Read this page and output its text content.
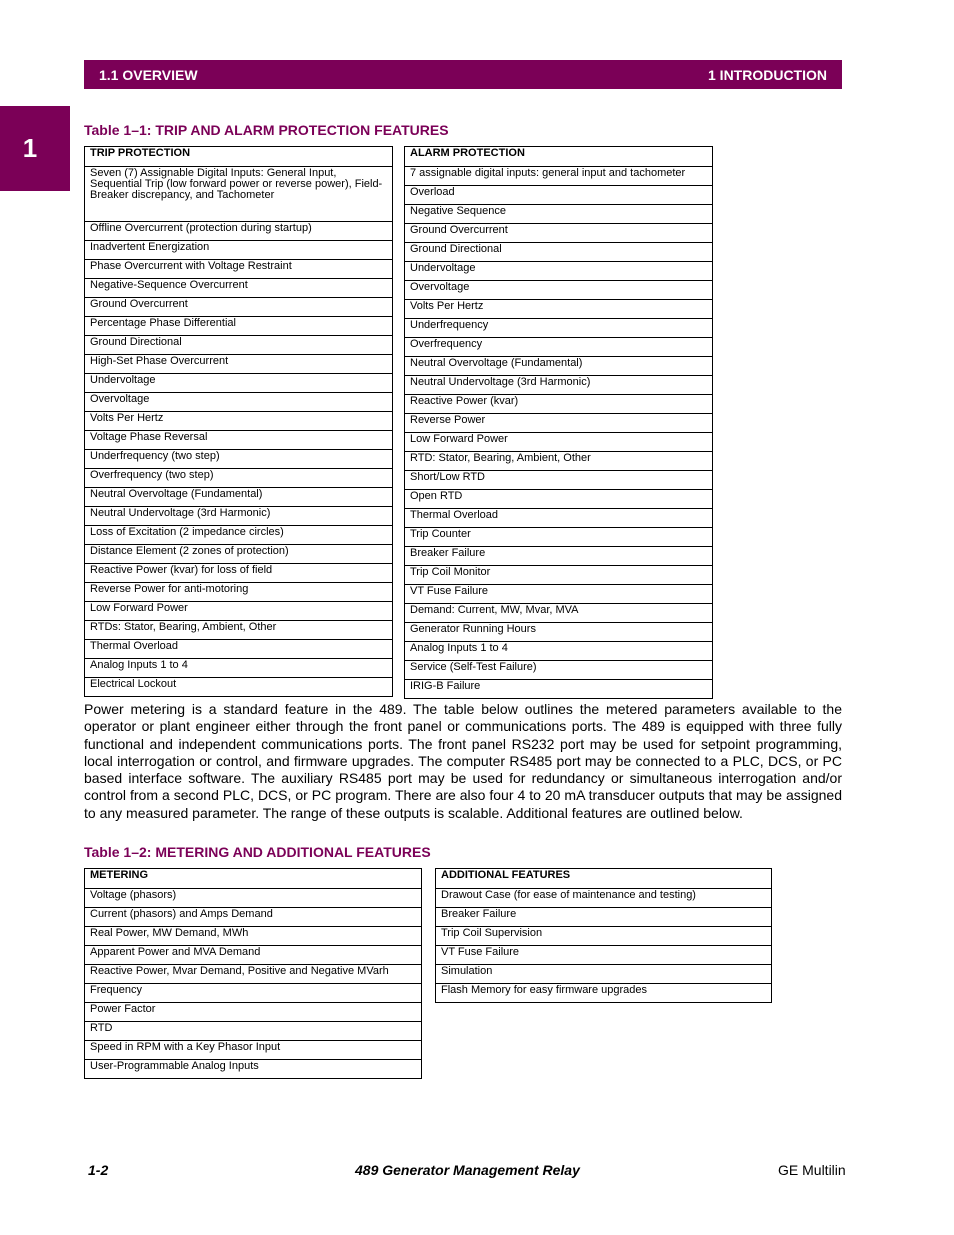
1.1 OVERVIEW	1 INTRODUCTION
1
Table 1–1: TRIP AND ALARM PROTECTION FEATURES
TRIP PROTECTION
Seven (7) Assignable Digital Inputs: General Input, Sequential Trip (low forward power or reverse power), Field-Breaker discrepancy, and Tachometer
Offline Overcurrent (protection during startup)
Inadvertent Energization
Phase Overcurrent with Voltage Restraint
Negative-Sequence Overcurrent
Ground Overcurrent
Percentage Phase Differential
Ground Directional
High-Set Phase Overcurrent
Undervoltage
Overvoltage
Volts Per Hertz
Voltage Phase Reversal
Underfrequency (two step)
Overfrequency (two step)
Neutral Overvoltage (Fundamental)
Neutral Undervoltage (3rd Harmonic)
Loss of Excitation (2 impedance circles)
Distance Element (2 zones of protection)
Reactive Power (kvar) for loss of field
Reverse Power for anti-motoring
Low Forward Power
RTDs: Stator, Bearing, Ambient, Other
Thermal Overload
Analog Inputs 1 to 4
Electrical Lockout
ALARM PROTECTION
7 assignable digital inputs: general input and tachometer
Overload
Negative Sequence
Ground Overcurrent
Ground Directional
Undervoltage
Overvoltage
Volts Per Hertz
Underfrequency
Overfrequency
Neutral Overvoltage (Fundamental)
Neutral Undervoltage (3rd Harmonic)
Reactive Power (kvar)
Reverse Power
Low Forward Power
RTD: Stator, Bearing, Ambient, Other
Short/Low RTD
Open RTD
Thermal Overload
Trip Counter
Breaker Failure
Trip Coil Monitor
VT Fuse Failure
Demand: Current, MW, Mvar, MVA
Generator Running Hours
Analog Inputs 1 to 4
Service (Self-Test Failure)
IRIG-B Failure

Power metering is a standard feature in the 489. The table below outlines the metered parameters available to the operator or plant engineer either through the front panel or communications ports. The 489 is equipped with three fully functional and independent communications ports. The front panel RS232 port may be used for setpoint programming, local interrogation or control, and firmware upgrades. The computer RS485 port may be connected to a PLC, DCS, or PC based interface software. The auxiliary RS485 port may be used for redundancy or simultaneous interrogation and/or control from a second PLC, DCS, or PC program. There are also four 4 to 20 mA transducer outputs that may be assigned to any measured parameter. The range of these outputs is scalable. Additional features are outlined below.

Table 1–2: METERING AND ADDITIONAL FEATURES
METERING
Voltage (phasors)
Current (phasors) and Amps Demand
Real Power, MW Demand, MWh
Apparent Power and MVA Demand
Reactive Power, Mvar Demand, Positive and Negative MVarh
Frequency
Power Factor
RTD
Speed in RPM with a Key Phasor Input
User-Programmable Analog Inputs
ADDITIONAL FEATURES
Drawout Case (for ease of maintenance and testing)
Breaker Failure
Trip Coil Supervision
VT Fuse Failure
Simulation
Flash Memory for easy firmware upgrades
1-2	489 Generator Management Relay	GE Multilin
